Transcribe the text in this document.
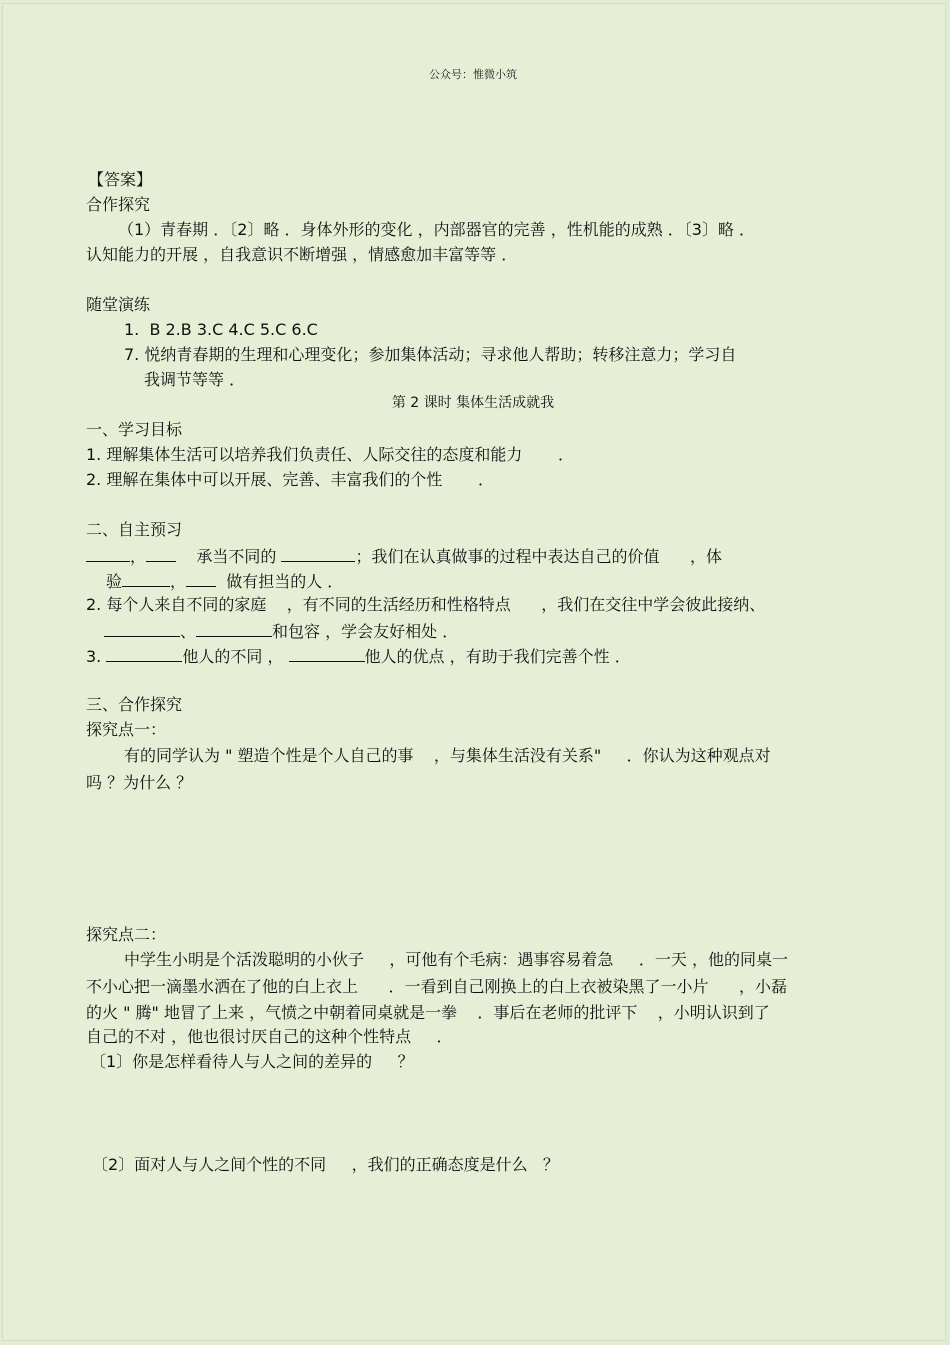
公众号：惟微小筑
【答案】
合作探究
（1）青春期 ．〔2〕略 ．身体外形的变化 ，内部器官的完善 ，性机能的成熟 ．〔3〕略 ．
认知能力的开展 ，自我意识不断增强 ，情感愈加丰富等等 ．
随堂演练
1.  B 2.B 3.C 4.C 5.C 6.C
7. 悦纳青春期的生理和心理变化；参加集体活动；寻求他人帮助；转移注意力；学习自
我调节等等 ．
第 2 课时 集体生活成就我
一、学习目标
1. 理解集体生活可以培养我们负责任、人际交往的态度和能力       ．
2. 理解在集体中可以开展、完善、丰富我们的个性       ．
二、自主预习
，	承当不同的	；我们在认真做事的过程中表达自己的价值      ，体
验	，	做有担当的人 ．
2. 每个人来自不同的家庭    ，有不同的生活经历和性格特点      ，我们在交往中学会彼此接纳、
、	和包容 ，学会友好相处 ．
3.	他人的不同 ，	他人的优点 ，有助于我们完善个性 ．
三、合作探究
探究点一：
有的同学认为 " 塑造个性是个人自己的事    ，与集体生活没有关系"     ．你认为这种观点对
吗 ？为什么 ？
探究点二：
中学生小明是个活泼聪明的小伙子     ，可他有个毛病：遇事容易着急     ．一天 ，他的同桌一
不小心把一滴墨水洒在了他的白上衣上      ．一看到自己刚换上的白上衣被染黑了一小片      ，小磊
的火 " 腾" 地冒了上来 ，气愤之中朝着同桌就是一拳    ．事后在老师的批评下    ，小明认识到了
自己的不对 ，他也很讨厌自己的这种个性特点     ．
〔1〕你是怎样看待人与人之间的差异的     ？
〔2〕面对人与人之间个性的不同     ，我们的正确态度是什么   ？
